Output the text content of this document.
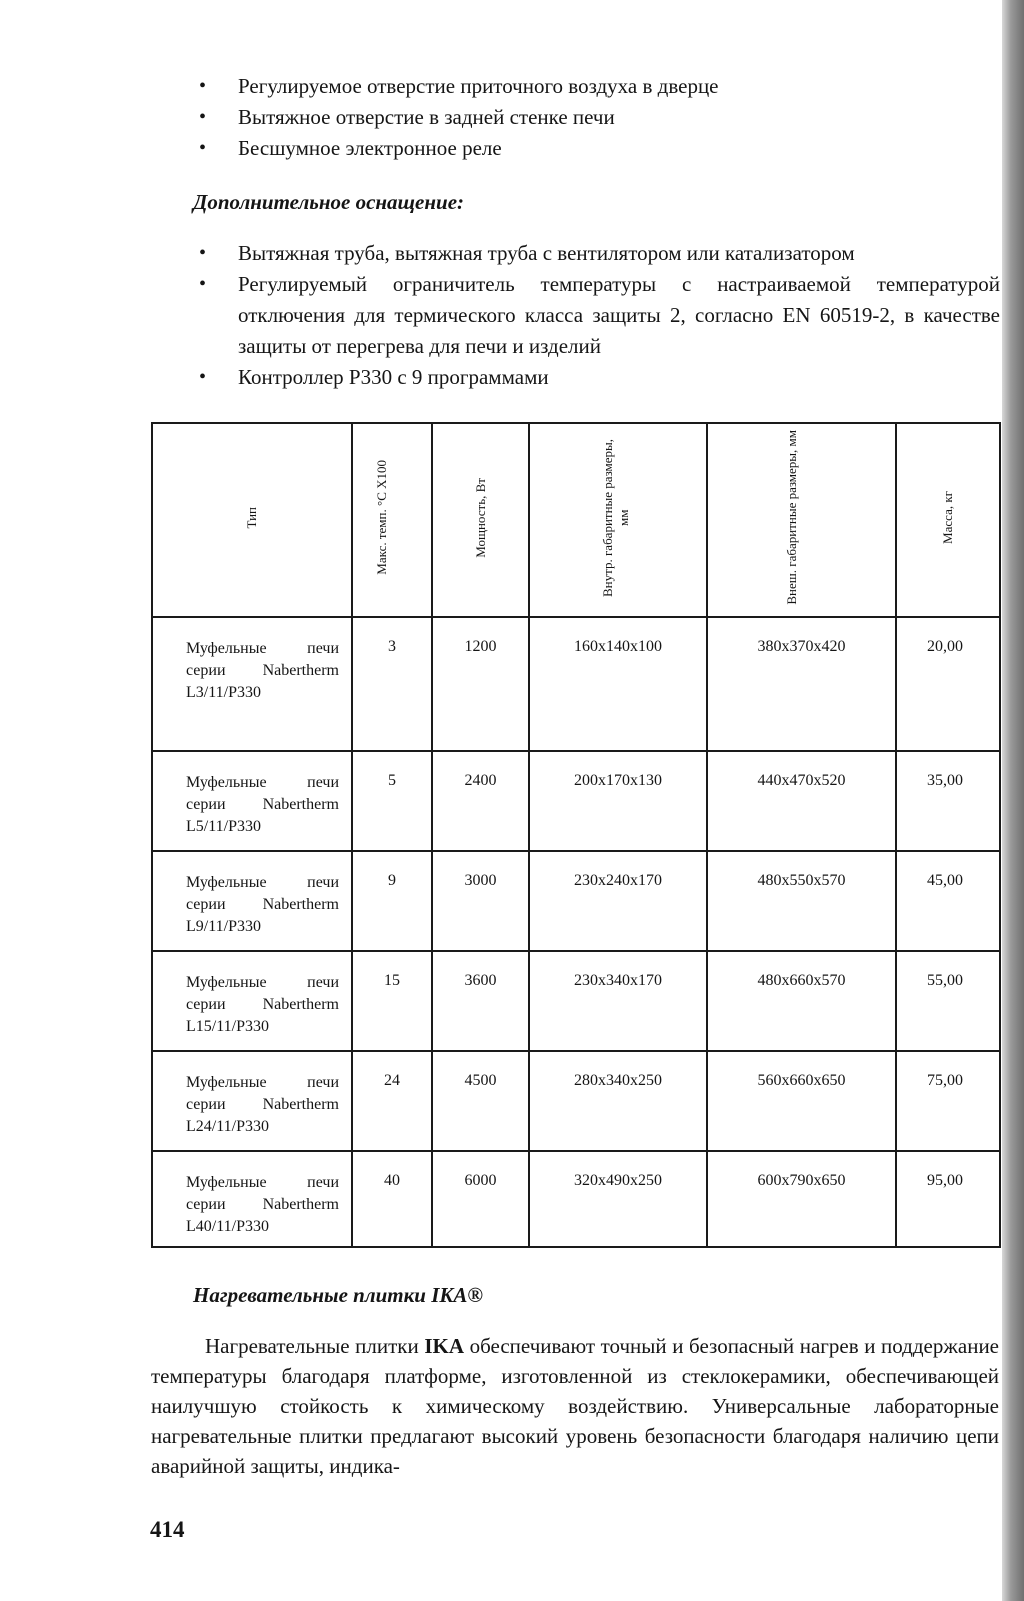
• Регулируемое отверстие приточного воздуха в дверце
• Вытяжное отверстие в задней стенке печи
• Бесшумное электронное реле
Дополнительное оснащение:
• Вытяжная труба, вытяжная труба с вентилятором или катализатором
• Регулируемый ограничитель температуры с настраиваемой температурой отключения для термического класса защиты 2, согласно EN 60519-2, в качестве защиты от перегрева для печи и изделий
• Контроллер P330 с 9 программами
Тип	Макс. темп. °С X100	Мощность, Вт	Внутр. габаритные размеры, мм	Внеш. габаритные размеры, мм	Масса, кг
Муфельные печи серии Nabertherm L3/11/P330	3	1200	160x140x100	380x370x420	20,00
Муфельные печи серии Nabertherm L5/11/P330	5	2400	200x170x130	440x470x520	35,00
Муфельные печи серии Nabertherm L9/11/P330	9	3000	230x240x170	480x550x570	45,00
Муфельные печи серии Nabertherm L15/11/P330	15	3600	230x340x170	480x660x570	55,00
Муфельные печи серии Nabertherm L24/11/P330	24	4500	280x340x250	560x660x650	75,00
Муфельные печи серии Nabertherm L40/11/P330	40	6000	320x490x250	600x790x650	95,00
Нагревательные плитки IKA®

Нагревательные плитки IKA обеспечивают точный и безопасный нагрев и поддержание температуры благодаря платформе, изготовленной из стеклокерамики, обеспечивающей наилучшую стойкость к химическому воздействию. Универсальные лабораторные нагревательные плитки предлагают высокий уровень безопасности благодаря наличию цепи аварийной защиты, индика-

414
